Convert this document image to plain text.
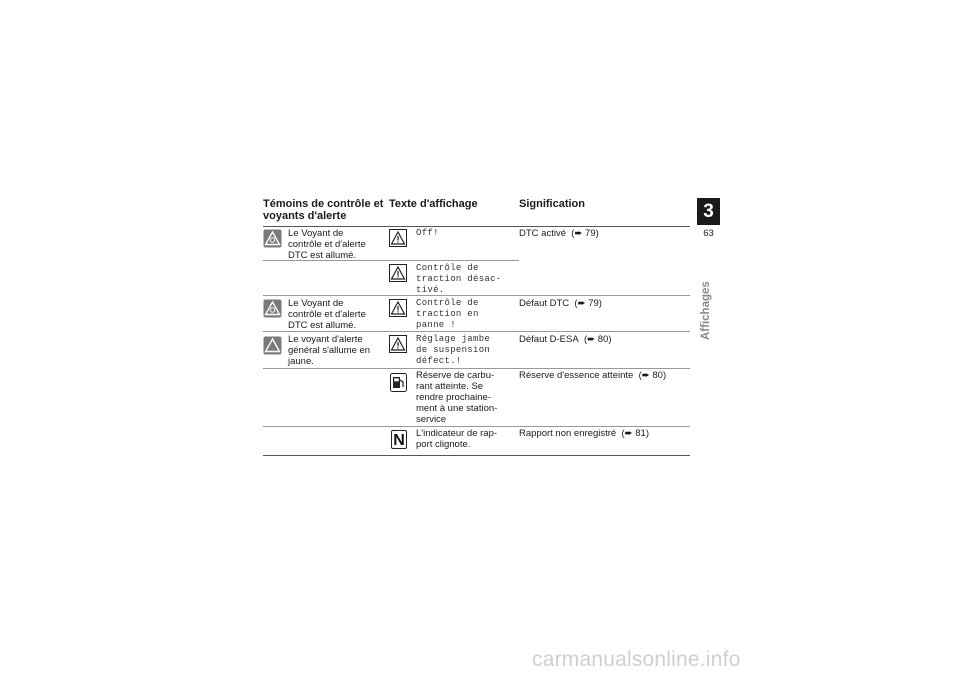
Témoins de contrôle et voyants d'alerte
Texte d'affichage	Signification
Le Voyant de contrôle et d'alerte DTC est allumé.
Off!	DTC activé  (➨ 79)
Contrôle de traction désac-tivé.
Le Voyant de contrôle et d'alerte DTC est allumé.
Contrôle de traction en panne !
Défaut DTC  (➨ 79)
Le voyant d'alerte général s'allume en jaune.
Réglage jambe de suspension défect.!
Défaut D-ESA  (➨ 80)
Réserve de carbu-rant atteinte. Se rendre prochaine-ment à une station-service
Réserve d'essence atteinte  (➨ 80)
N L'indicateur de rap-port clignote.
Rapport non enregistré  (➨ 81)
3
63
Affichages
carmanualsonline.info
